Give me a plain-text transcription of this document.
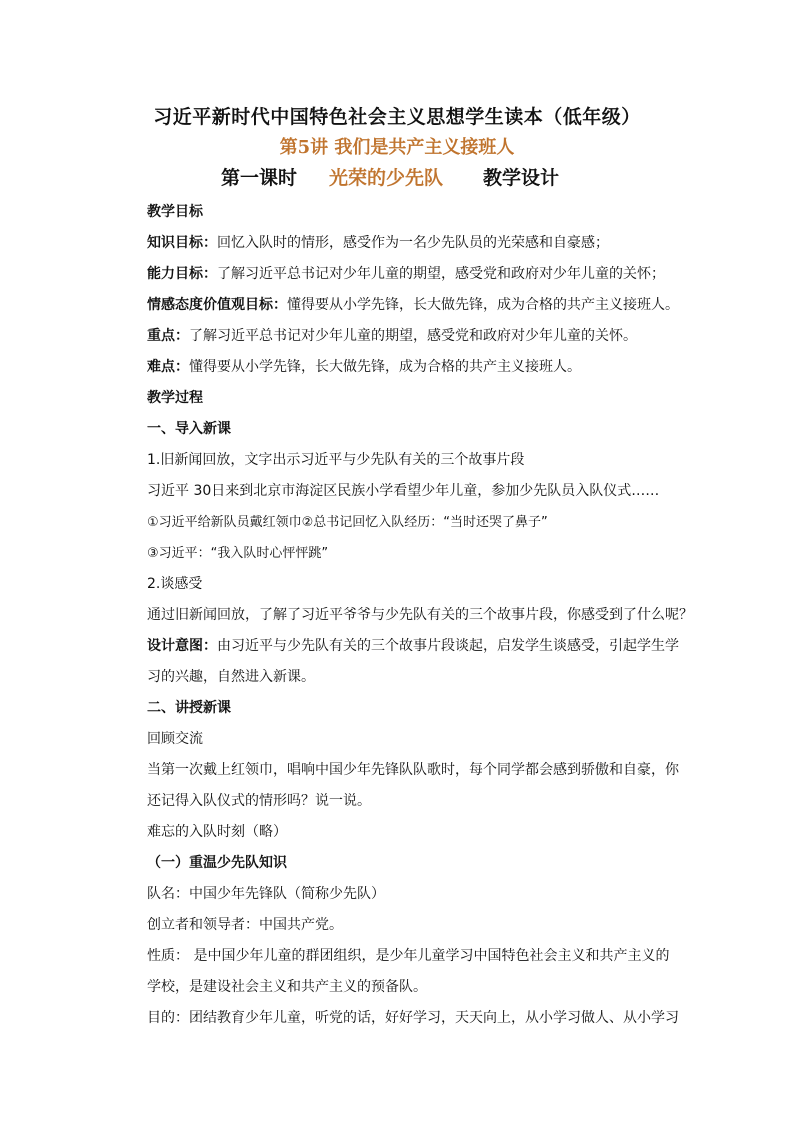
习近平新时代中国特色社会主义思想学生读本（低年级）
第5讲 我们是共产主义接班人
第一课时 光荣的少先队 教学设计

教学目标

知识目标：回忆入队时的情形，感受作为一名少先队员的光荣感和自豪感；

能力目标：了解习近平总书记对少年儿童的期望，感受党和政府对少年儿童的关怀；

情感态度价值观目标：懂得要从小学先锋，长大做先锋，成为合格的共产主义接班人。

重点：了解习近平总书记对少年儿童的期望，感受党和政府对少年儿童的关怀。

难点：懂得要从小学先锋，长大做先锋，成为合格的共产主义接班人。

教学过程

一、导入新课

1.旧新闻回放，文字出示习近平与少先队有关的三个故事片段

习近平 30日来到北京市海淀区民族小学看望少年儿童，参加少先队员入队仪式……

①习近平给新队员戴红领巾②总书记回忆入队经历：“当时还哭了鼻子”

③习近平：“我入队时心怦怦跳”

2.谈感受

通过旧新闻回放，了解了习近平爷爷与少先队有关的三个故事片段，你感受到了什么呢？

设计意图：由习近平与少先队有关的三个故事片段谈起，启发学生谈感受，引起学生学习的兴趣，自然进入新课。

二、讲授新课

回顾交流

当第一次戴上红领巾，唱响中国少年先锋队队歌时，每个同学都会感到骄傲和自豪，你还记得入队仪式的情形吗？说一说。

难忘的入队时刻（略）

（一）重温少先队知识

队名：中国少年先锋队（简称少先队）

创立者和领导者：中国共产党。

性质： 是中国少年儿童的群团组织，是少年儿童学习中国特色社会主义和共产主义的学校，是建设社会主义和共产主义的预备队。

目的：团结教育少年儿童，听党的话，好好学习，天天向上，从小学习做人、从小学习
